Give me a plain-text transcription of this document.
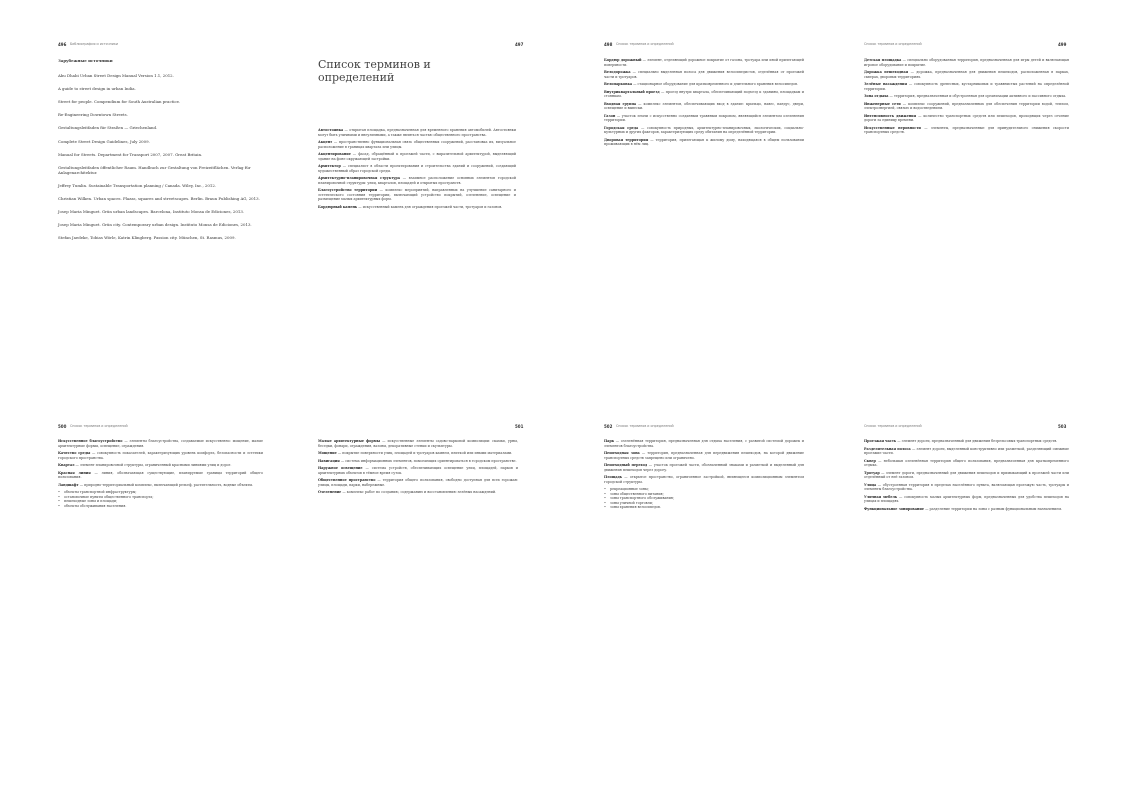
496 Библиография и источники

Зарубежные источники

Abu Dhabi Urban Street Design Manual Version 1.1, 2012.

A guide to street design in urban India.

Street for people. Compendium for South Australian practice.

Re-Engineering Downtown Streets.

Gestaltungsleitfaden für Straßen — Griechenland.

Complete Street Design Guidelines, July 2009.

Manual for Streets. Department for Transport 2007, 2007. Great Britain.

Gestaltungsleitfaden öffentlicher Raum. Handbuch zur Gestaltung von Freizeitflächen. Verlag für Anlagenarchitektur.

Jeffrey Tumlin. Sustainable Transportation planning / Canada. Wiley, Inc., 2012.

Christian Wilken. Urban spaces. Plazas, squares and streetscapes. Berlin. Braun Publishing AG, 2013.

Josep Maria Minguet. Grün urban landscapes. Barcelona, Instituto Monsa de Ediciones, 2013.

Josep Maria Minguet. Grün city. Contemporary urban design. Instituto Monsa de Ediciones, 2013.

Stefan Jaedeke, Tobias Wörle, Katrin Klingberg. Passion city. München, St. Rasmus, 2009.

497
Список терминов и определений

Автостоянка — открытая площадка, предназначенная для временного хранения автомобилей. Автостоянки могут быть уличными и внеуличными, а также являться частью общественного пространства.

Акцент — пространственно функциональная связь общественных сооружений, расстановка их, визуальное расположение в границах квартала или улицы.

Акцентирование — фасад, обращённый к проезжей части, с выразительной архитектурой, выделяющий здание на фоне окружающей застройки.

Архитектор — специалист в области проектирования и строительства зданий и сооружений, создающий художественный образ городской среды.

Архитектурно-планировочная структура — взаимное расположение основных элементов городской планировочной структуры: улиц, кварталов, площадей и открытых пространств.

Благоустройство территории — комплекс мероприятий, направленных на улучшение санитарного и эстетического состояния территории, включающий устройство покрытий, озеленение, освещение и размещение малых архитектурных форм.

Бордюрный камень — искусственный камень для ограждения проезжей части, тротуаров и газонов.

498 Список терминов и определений

Бордюр дорожный — элемент, отделяющий дорожное покрытие от газона, тротуара или иной прилегающей поверхности.

Велодорожка — специально выделенная полоса для движения велосипедистов, отделённая от проезжей части и тротуаров.

Велопарковка — стационарное оборудование для кратковременного и длительного хранения велосипедов.

Внутриквартальный проезд — проезд внутри квартала, обеспечивающий подъезд к зданиям, площадкам и стоянкам.

Входная группа — комплекс элементов, обеспечивающих вход в здание: крыльцо, навес, пандус, двери, освещение и вывески.

Газон — участок земли с искусственно созданным травяным покровом, являющийся элементом озеленения территории.

Городская среда — совокупность природных, архитектурно-планировочных, экологических, социально-культурных и других факторов, характеризующих среду обитания на определённой территории.

Дворовая территория — территория, прилегающая к жилому дому, находящаяся в общем пользовании проживающих в нём лиц.

499
Список терминов и определений

Детская площадка — специально оборудованная территория, предназначенная для игры детей и включающая игровое оборудование и покрытие.

Дорожка пешеходная — дорожка, предназначенная для движения пешеходов, расположенная в парках, скверах, дворовых территориях.

Зелёные насаждения — совокупность древесных, кустарниковых и травянистых растений на определённой территории.

Зона отдыха — территория, предназначенная и обустроенная для организации активного и пассивного отдыха.

Инженерные сети — комплекс сооружений, предназначенных для обеспечения территории водой, теплом, электроэнергией, связью и водоотведением.

Интенсивность движения — количество транспортных средств или пешеходов, проходящих через сечение дороги за единицу времени.

Искусственные неровности — элементы, предназначенные для принудительного снижения скорости транспортных средств.

500 Список терминов и определений

Искусственное благоустройство — элементы благоустройства, создаваемые искусственно: мощение, малые архитектурные формы, освещение, ограждения.

Качество среды — совокупность показателей, характеризующих уровень комфорта, безопасности и эстетики городского пространства.

Квартал — элемент планировочной структуры, ограниченный красными линиями улиц и дорог.

Красная линия — линия, обозначающая существующие, планируемые границы территорий общего пользования.

Ландшафт — природно-территориальный комплекс, включающий рельеф, растительность, водные объекты.

• объекты транспортной инфраструктуры;
• остановочные пункты общественного транспорта;
• пешеходные зоны и площади;
• объекты обслуживания населения.
501

Малые архитектурные формы — искусственные элементы садово-парковой композиции: скамьи, урны, беседки, фонари, ограждения, вазоны, декоративные стенки и скульптуры.

Мощение — покрытие поверхности улиц, площадей и тротуаров камнем, плиткой или иными материалами.

Навигация — система информационных элементов, помогающих ориентироваться в городском пространстве.

Наружное освещение — система устройств, обеспечивающих освещение улиц, площадей, парков и архитектурных объектов в тёмное время суток.

Общественное пространство — территория общего пользования, свободно доступная для всех горожан: улицы, площади, парки, набережные.

Озеленение — комплекс работ по созданию, содержанию и восстановлению зелёных насаждений.

502 Список терминов и определений

Парк — озеленённая территория, предназначенная для отдыха населения, с развитой системой дорожек и элементов благоустройства.

Пешеходная зона — территория, предназначенная для передвижения пешеходов, на которой движение транспортных средств запрещено или ограничено.

Пешеходный переход — участок проезжей части, обозначенный знаками и разметкой и выделенный для движения пешеходов через дорогу.

Площадь — открытое пространство, ограниченное застройкой, являющееся композиционным элементом городской структуры.

• рекреационные зоны;
• зоны общественного питания;
• зоны транспортного обслуживания;
• зоны уличной торговли;
• зоны хранения велосипедов.
503
Список терминов и определений

Проезжая часть — элемент дороги, предназначенный для движения безрельсовых транспортных средств.

Разделительная полоса — элемент дороги, выделенный конструктивно или разметкой, разделяющий смежные проезжие части.

Сквер — небольшая озеленённая территория общего пользования, предназначенная для кратковременного отдыха.

Тротуар — элемент дороги, предназначенный для движения пешеходов и примыкающий к проезжей части или отделённый от неё газоном.

Улица — обустроенная территория в пределах населённого пункта, включающая проезжую часть, тротуары и элементы благоустройства.

Уличная мебель — совокупность малых архитектурных форм, предназначенных для удобства пешеходов на улицах и площадях.

Функциональное зонирование — разделение территории на зоны с разным функциональным назначением.
